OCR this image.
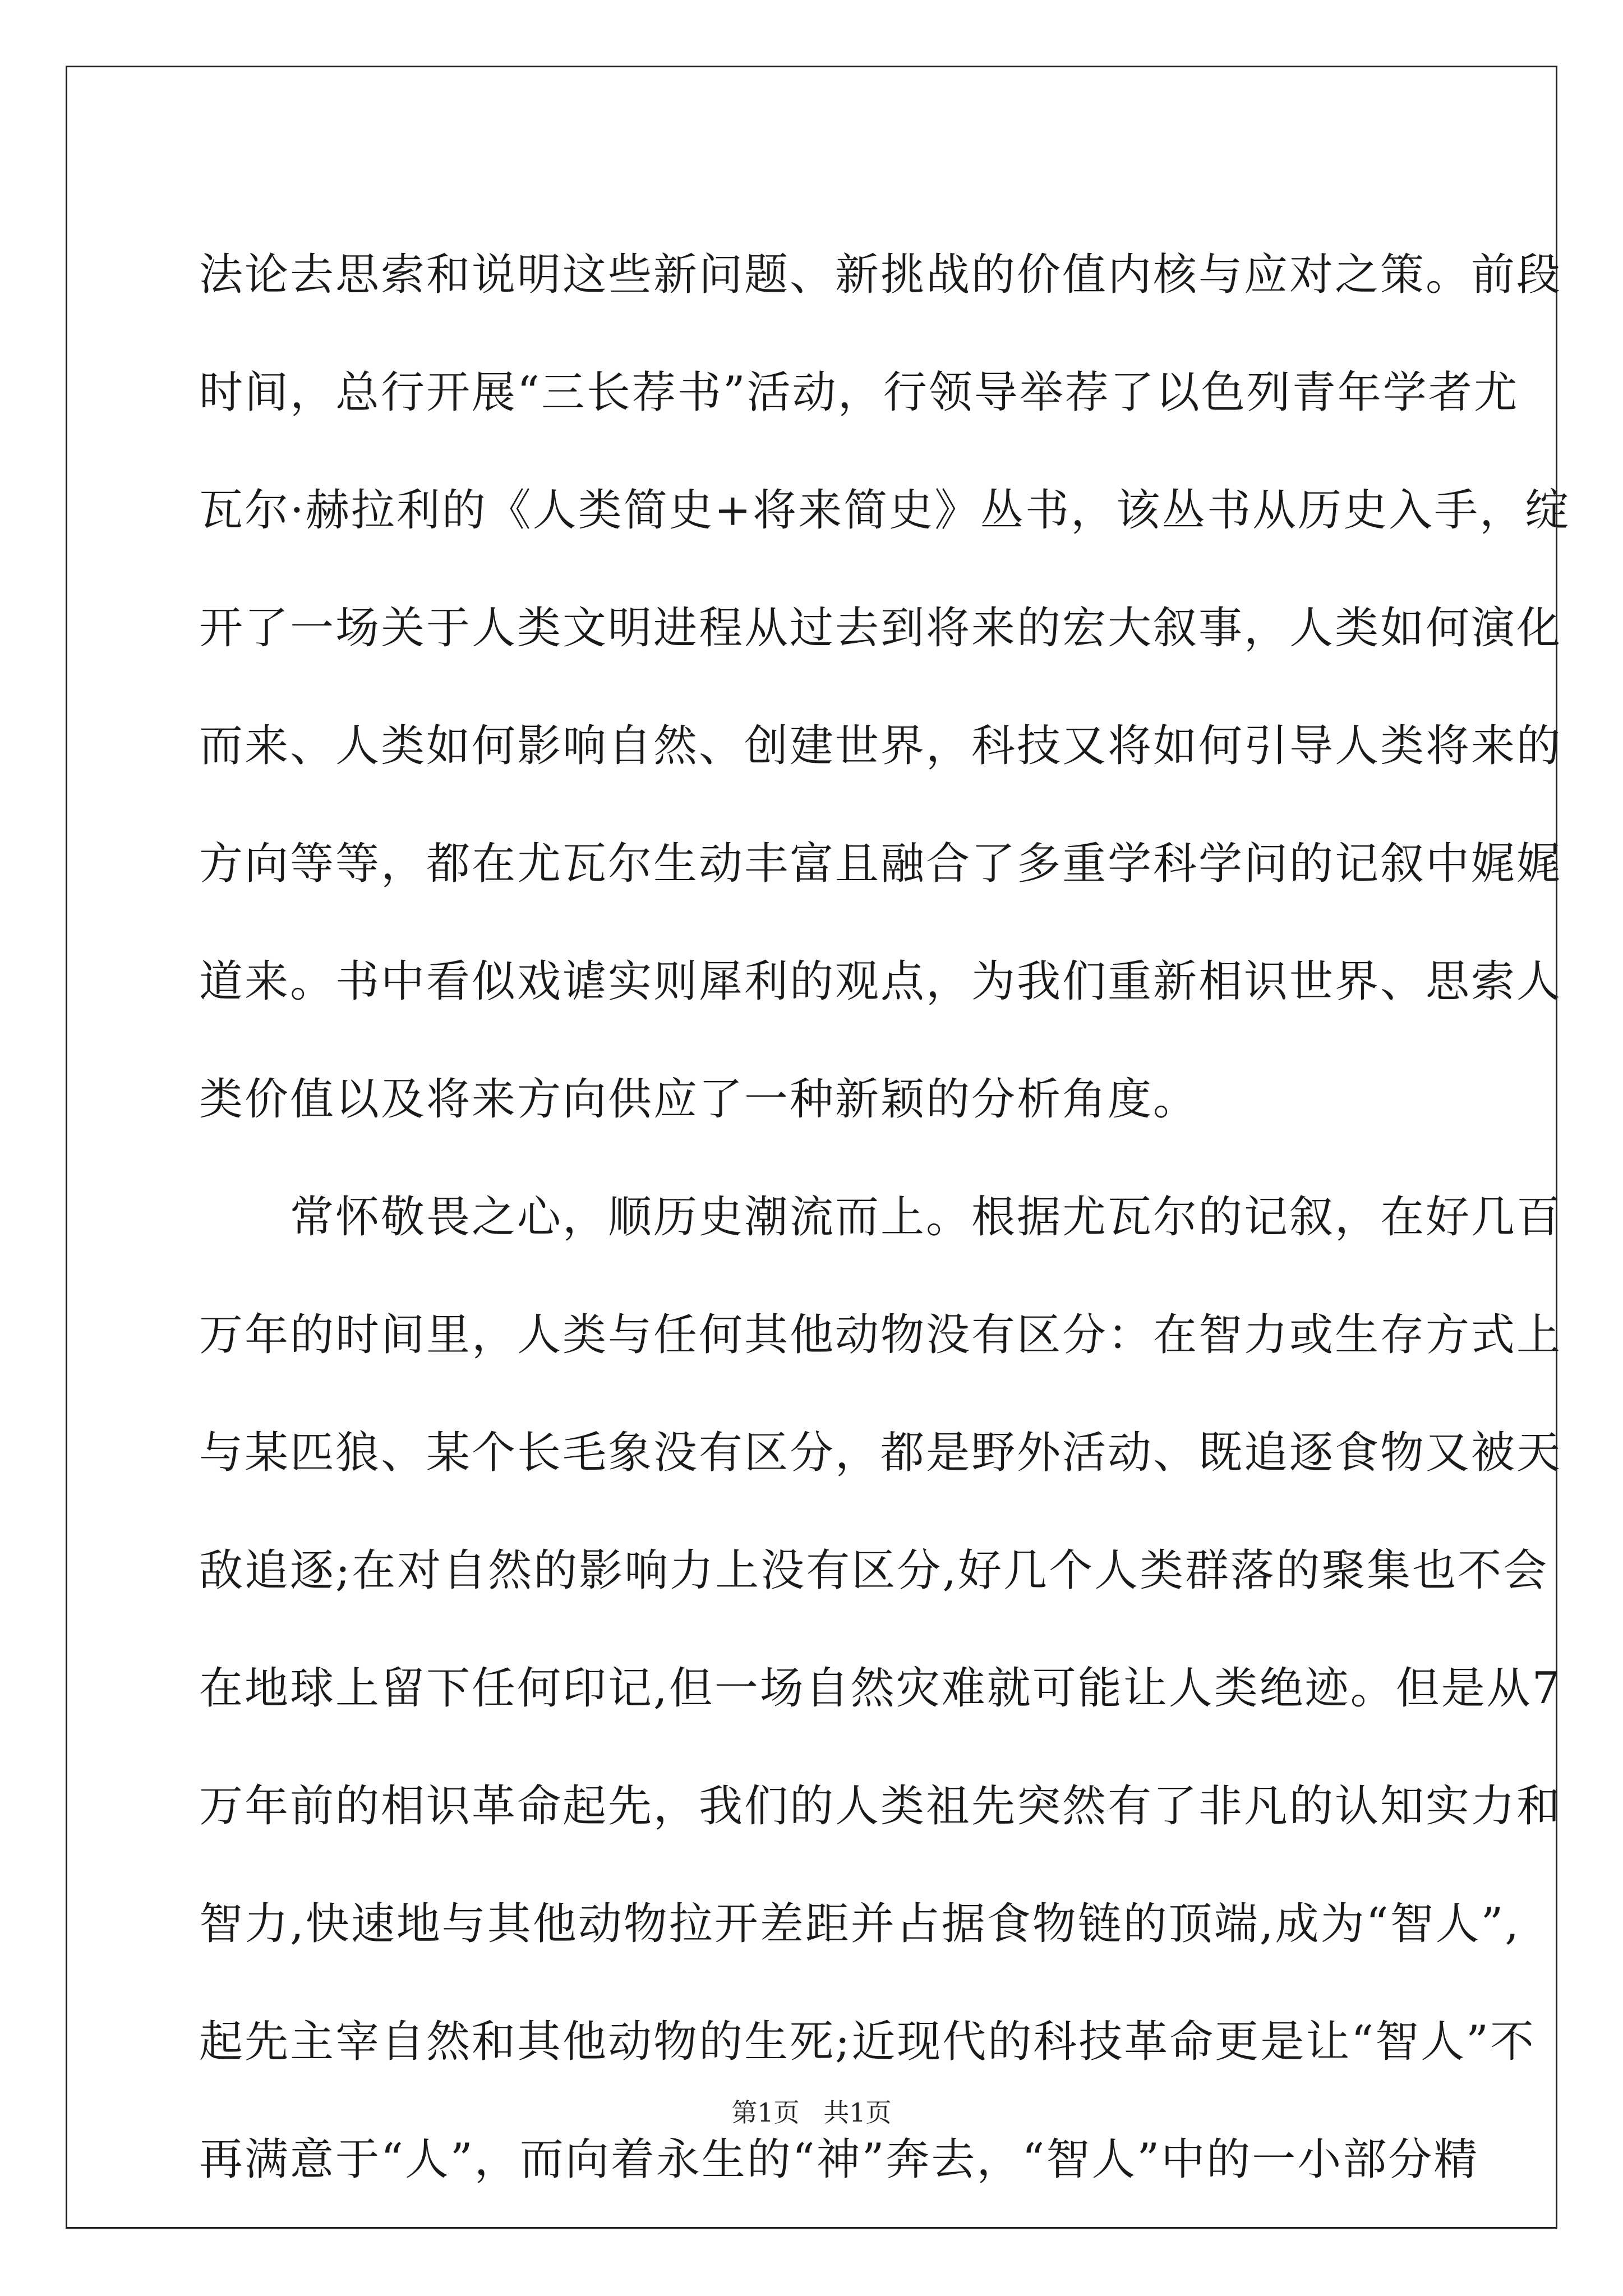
法论去思索和说明这些新问题、新挑战的价值内核与应对之策。前段
时间，总行开展“三长荐书”活动，行领导举荐了以色列青年学者尤
瓦尔·赫拉利的《人类简史+将来简史》丛书，该丛书从历史入手，绽
开了一场关于人类文明进程从过去到将来的宏大叙事，人类如何演化
而来、人类如何影响自然、创建世界，科技又将如何引导人类将来的
方向等等，都在尤瓦尔生动丰富且融合了多重学科学问的记叙中娓娓
道来。书中看似戏谑实则犀利的观点，为我们重新相识世界、思索人
类价值以及将来方向供应了一种新颖的分析角度。
　　常怀敬畏之心，顺历史潮流而上。根据尤瓦尔的记叙，在好几百
万年的时间里，人类与任何其他动物没有区分：在智力或生存方式上
与某匹狼、某个长毛象没有区分，都是野外活动、既追逐食物又被天
敌追逐;在对自然的影响力上没有区分,好几个人类群落的聚集也不会
在地球上留下任何印记,但一场自然灾难就可能让人类绝迹。但是从7
万年前的相识革命起先，我们的人类祖先突然有了非凡的认知实力和
智力,快速地与其他动物拉开差距并占据食物链的顶端,成为“智人”,
起先主宰自然和其他动物的生死;近现代的科技革命更是让“智人”不
再满意于“人”，而向着永生的“神”奔去，“智人”中的一小部分精
第1页 共1页
